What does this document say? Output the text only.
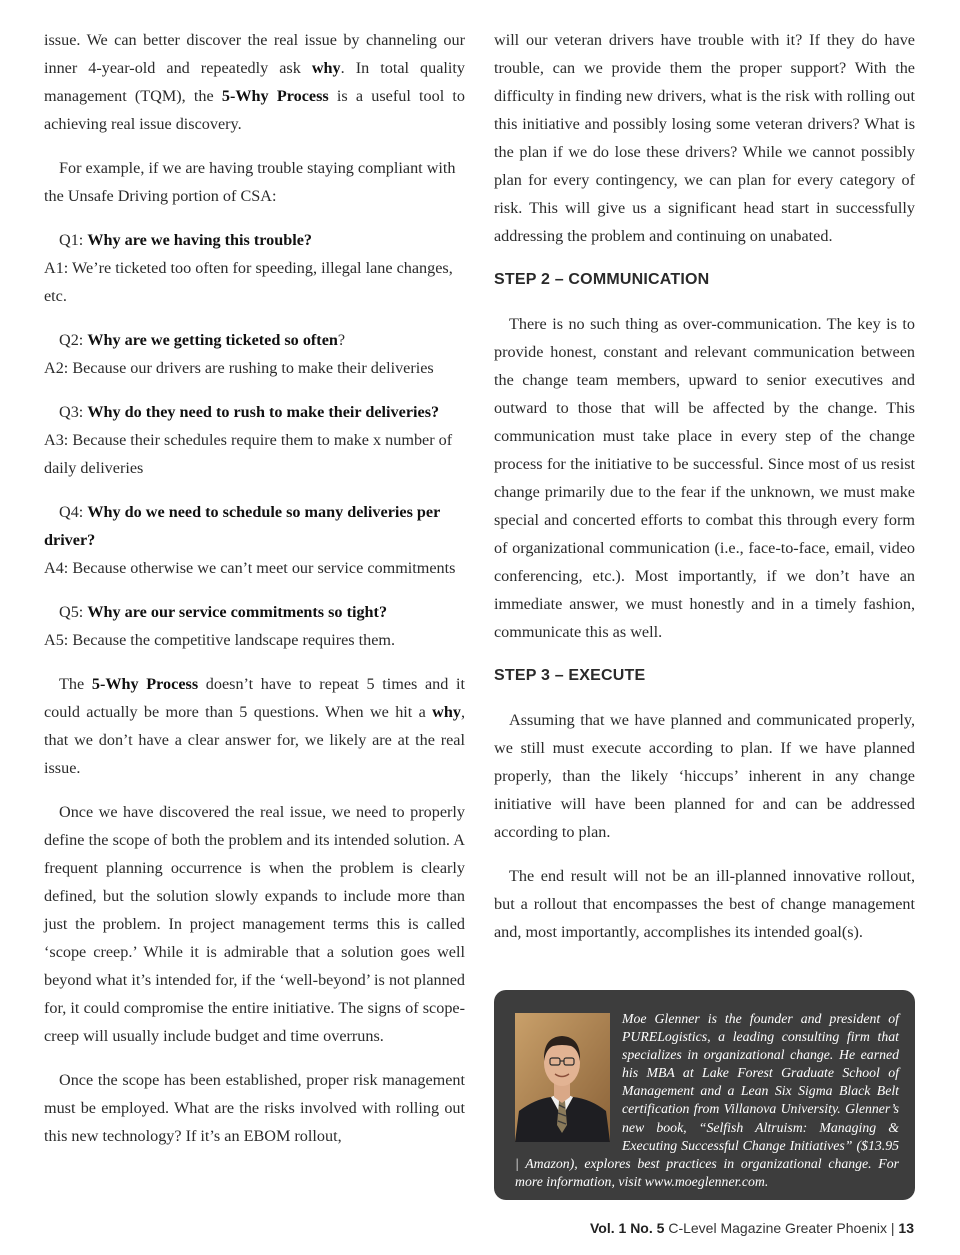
issue. We can better discover the real issue by channeling our inner 4-year-old and repeatedly ask why. In total quality management (TQM), the 5-Why Process is a useful tool to achieving real issue discovery.

For example, if we are having trouble staying compliant with the Unsafe Driving portion of CSA:

Q1: Why are we having this trouble?
A1: We’re ticketed too often for speeding, illegal lane changes, etc.
Q2: Why are we getting ticketed so often?
A2: Because our drivers are rushing to make their deliveries
Q3: Why do they need to rush to make their deliveries?
A3: Because their schedules require them to make x number of daily deliveries
Q4: Why do we need to schedule so many deliveries per driver?
A4: Because otherwise we can’t meet our service commitments
Q5: Why are our service commitments so tight?
A5: Because the competitive landscape requires them.

The 5-Why Process doesn’t have to repeat 5 times and it could actually be more than 5 questions. When we hit a why, that we don’t have a clear answer for, we likely are at the real issue.

Once we have discovered the real issue, we need to properly define the scope of both the problem and its intended solution. A frequent planning occurrence is when the problem is clearly defined, but the solution slowly expands to include more than just the problem. In project management terms this is called ‘scope creep.’ While it is admirable that a solution goes well beyond what it’s intended for, if the ‘well-beyond’ is not planned for, it could compromise the entire initiative. The signs of scope-creep will usually include budget and time overruns.

Once the scope has been established, proper risk management must be employed. What are the risks involved with rolling out this new technology? If it’s an EBOM rollout,

will our veteran drivers have trouble with it? If they do have trouble, can we provide them the proper support? With the difficulty in finding new drivers, what is the risk with rolling out this initiative and possibly losing some veteran drivers? What is the plan if we do lose these drivers? While we cannot possibly plan for every contingency, we can plan for every category of risk. This will give us a significant head start in successfully addressing the problem and continuing on unabated.

STEP 2 – COMMUNICATION

There is no such thing as over-communication. The key is to provide honest, constant and relevant communication between the change team members, upward to senior executives and outward to those that will be affected by the change. This communication must take place in every step of the change process for the initiative to be successful. Since most of us resist change primarily due to the fear if the unknown, we must make special and concerted efforts to combat this through every form of organizational communication (i.e., face-to-face, email, video conferencing, etc.). Most importantly, if we don’t have an immediate answer, we must honestly and in a timely fashion, communicate this as well.

STEP 3 – EXECUTE

Assuming that we have planned and communicated properly, we still must execute according to plan. If we have planned properly, than the likely ‘hiccups’ inherent in any change initiative will have been planned for and can be addressed according to plan.

The end result will not be an ill-planned innovative rollout, but a rollout that encompasses the best of change management and, most importantly, accomplishes its intended goal(s).

Moe Glenner is the founder and president of PURELogistics, a leading consulting firm that specializes in organizational change. He earned his MBA at Lake Forest Graduate School of Management and a Lean Six Sigma Black Belt certification from Villanova University. Glenner’s new book, “Selfish Altruism: Managing & Executing Successful Change Initiatives” ($13.95 | Amazon), explores best practices in organizational change. For more information, visit www.moeglenner.com.
Vol. 1 No. 5 C-Level Magazine Greater Phoenix | 13
